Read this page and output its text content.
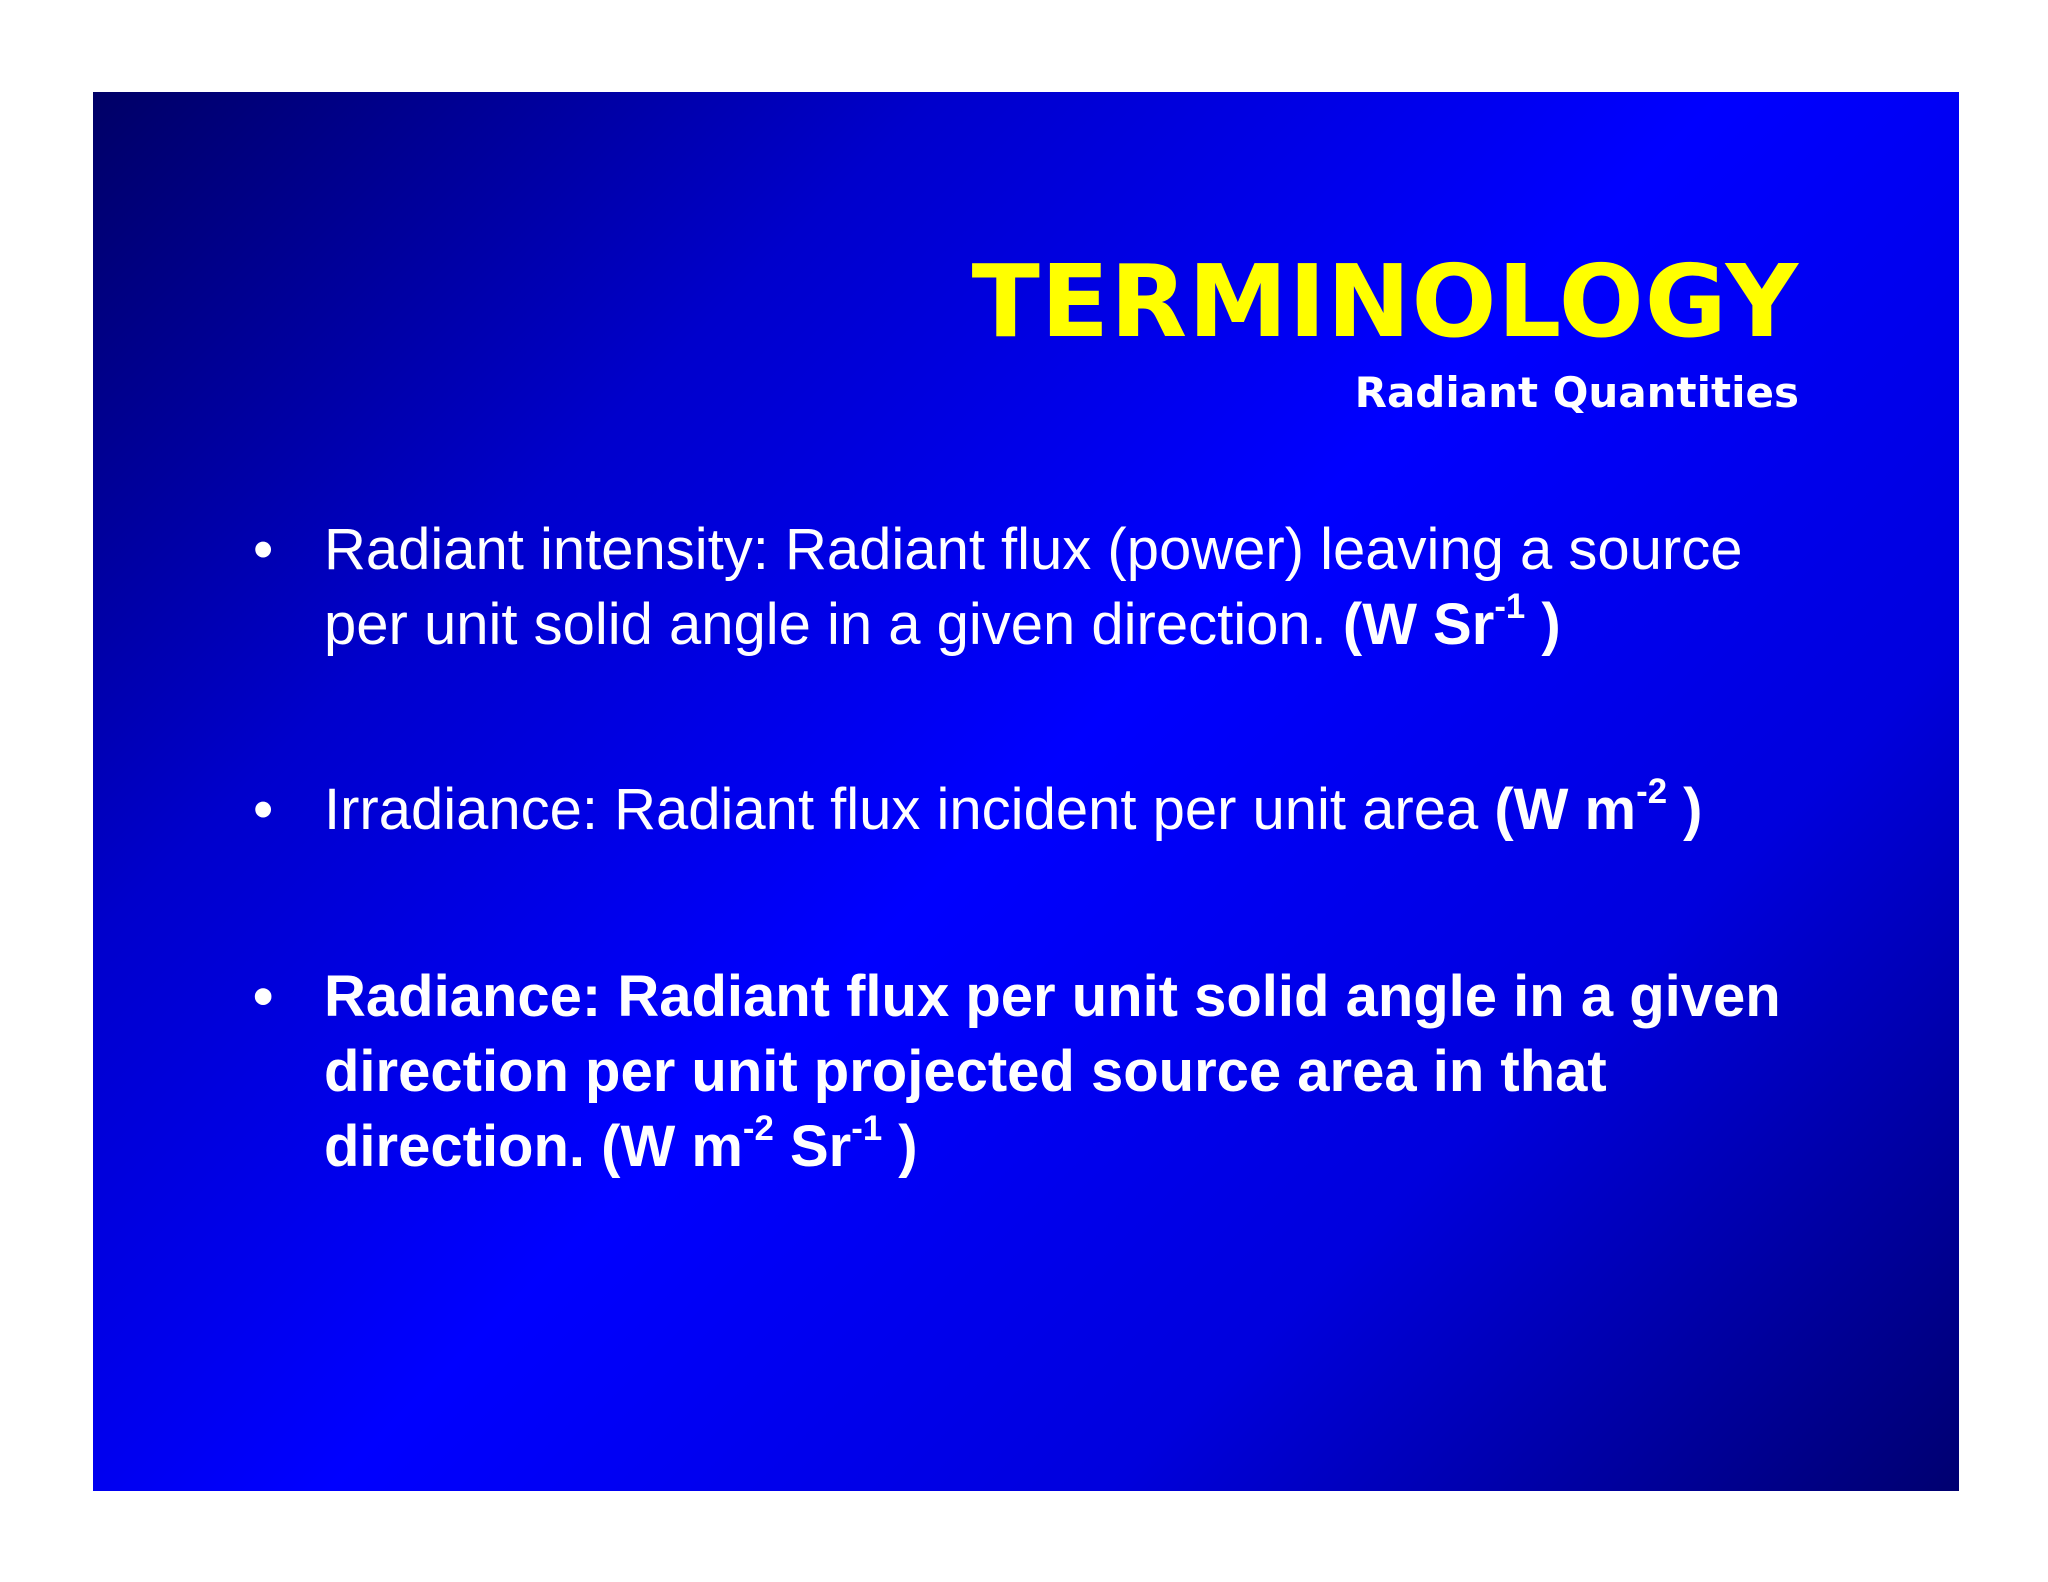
TERMINOLOGY
Radiant Quantities
• Radiant intensity: Radiant flux (power) leaving a source per unit solid angle in a given direction. (W $Sr^{-1}$ )
• Irradiance: Radiant flux incident per unit area (W $m^{-2}$ )
• Radiance: Radiant flux per unit solid angle in a given direction per unit projected source area in that direction. (W $m^{-2}$ $Sr^{-1}$ )
